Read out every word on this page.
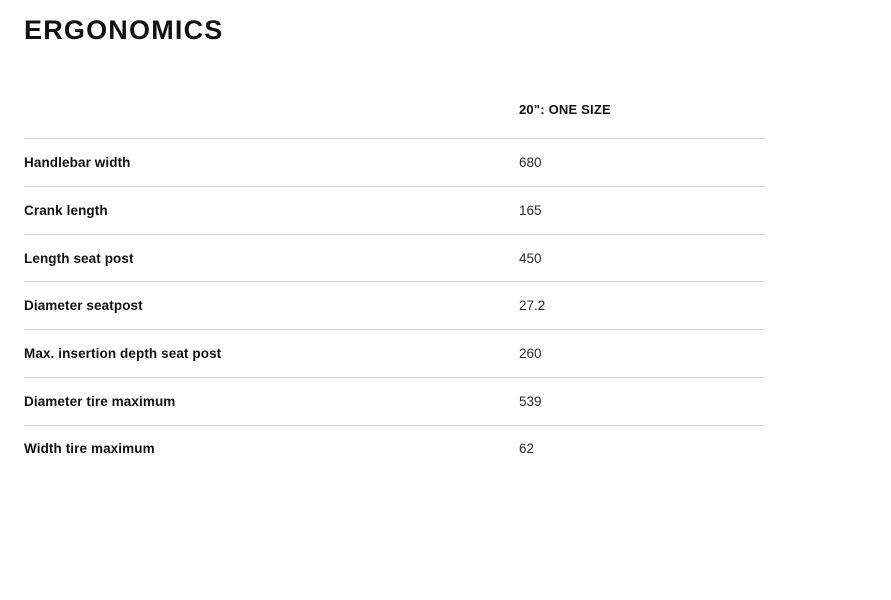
ERGONOMICS
	20": ONE SIZE
Handlebar width	680
Crank length	165
Length seat post	450
Diameter seatpost	27.2
Max. insertion depth seat post	260
Diameter tire maximum	539
Width tire maximum	62
